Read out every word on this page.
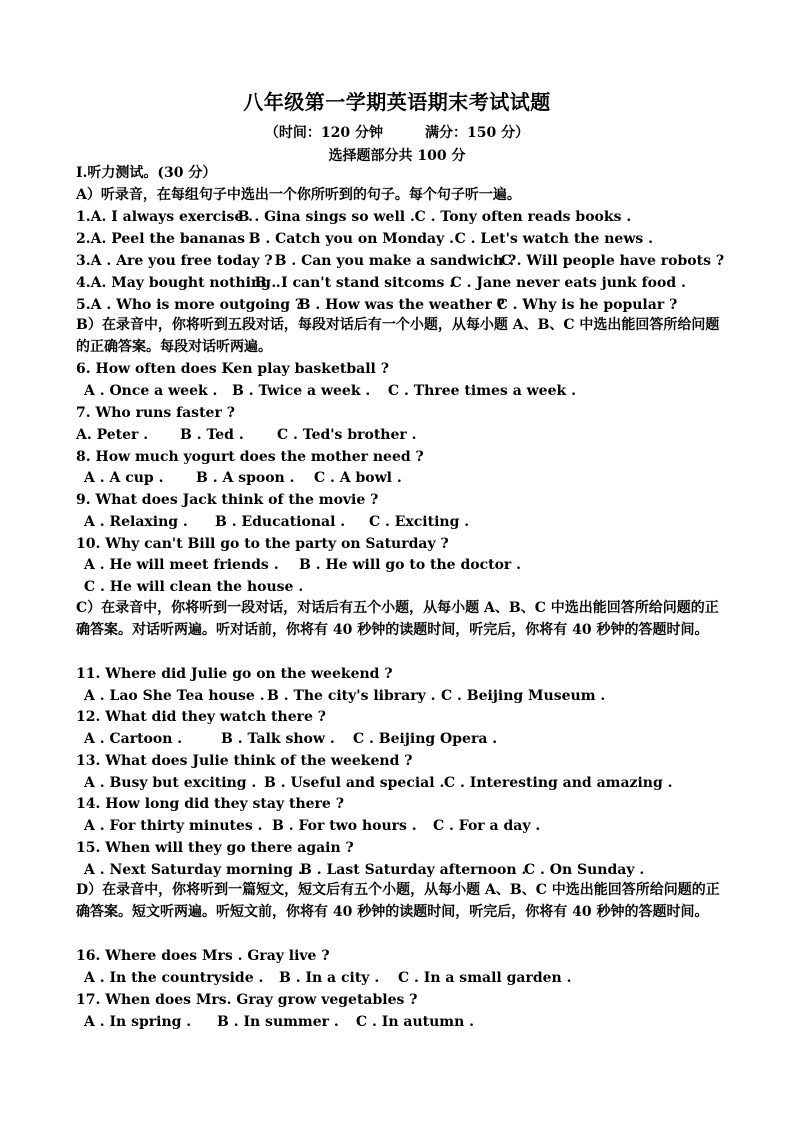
八年级第一学期英语期末考试试题
（时间：120 分钟	满分：150 分）
选择题部分共 100 分
I.听力测试。(30 分）
A）听录音，在每组句子中选出一个你所听到的句子。每个句子听一遍。
1.A. I always exercise .B . Gina sings so well .C . Tony often reads books .
2.A. Peel the bananas .B . Catch you on Monday .C . Let's watch the news .
3.A . Are you free today ? B . Can you make a sandwich ?C . Will people have robots ?
4.A. May bought nothing .B . I can't stand sitcoms .C . Jane never eats junk food .
5.A . Who is more outgoing ?B . How was the weather ?C . Why is he popular ?
B）在录音中，你将听到五段对话，每段对话后有一个小题，从每小题 A、B、C 中选出能回答所给问题的正确答案。每段对话听两遍。
6. How often does Ken play basketball ?
A . Once a week . B . Twice a week . C . Three times a week .
7. Who runs faster ?
A. Peter . B . Ted . C . Ted's brother .
8. How much yogurt does the mother need ?
A . A cup . B . A spoon . C . A bowl .
9. What does Jack think of the movie ?
A . Relaxing . B . Educational . C . Exciting .
10. Why can't Bill go to the party on Saturday ?
A . He will meet friends . B . He will go to the doctor .
C . He will clean the house .
C）在录音中，你将听到一段对话，对话后有五个小题，从每小题 A、B、C 中选出能回答所给问题的正确答案。对话听两遍。听对话前，你将有 40 秒钟的读题时间，听完后，你将有 40 秒钟的答题时间。
11. Where did Julie go on the weekend ?
A . Lao She Tea house . B . The city's library . C . Beijing Museum .
12. What did they watch there ?
A . Cartoon .	B . Talk show . C . Beijing Opera .
13. What does Julie think of the weekend ?
A . Busy but exciting . B . Useful and special .C . Interesting and amazing .
14. How long did they stay there ?
A . For thirty minutes . B . For two hours . C . For a day .
15. When will they go there again ?
A . Next Saturday morning .B . Last Saturday afternoon .C . On Sunday .
D）在录音中，你将听到一篇短文，短文后有五个小题，从每小题 A、B、C 中选出能回答所给问题的正确答案。短文听两遍。听短文前，你将有 40 秒钟的读题时间，听完后，你将有 40 秒钟的答题时间。
16. Where does Mrs . Gray live ?
A . In the countryside . B . In a city . C . In a small garden .
17. When does Mrs. Gray grow vegetables ?
A . In spring . B . In summer . C . In autumn .
